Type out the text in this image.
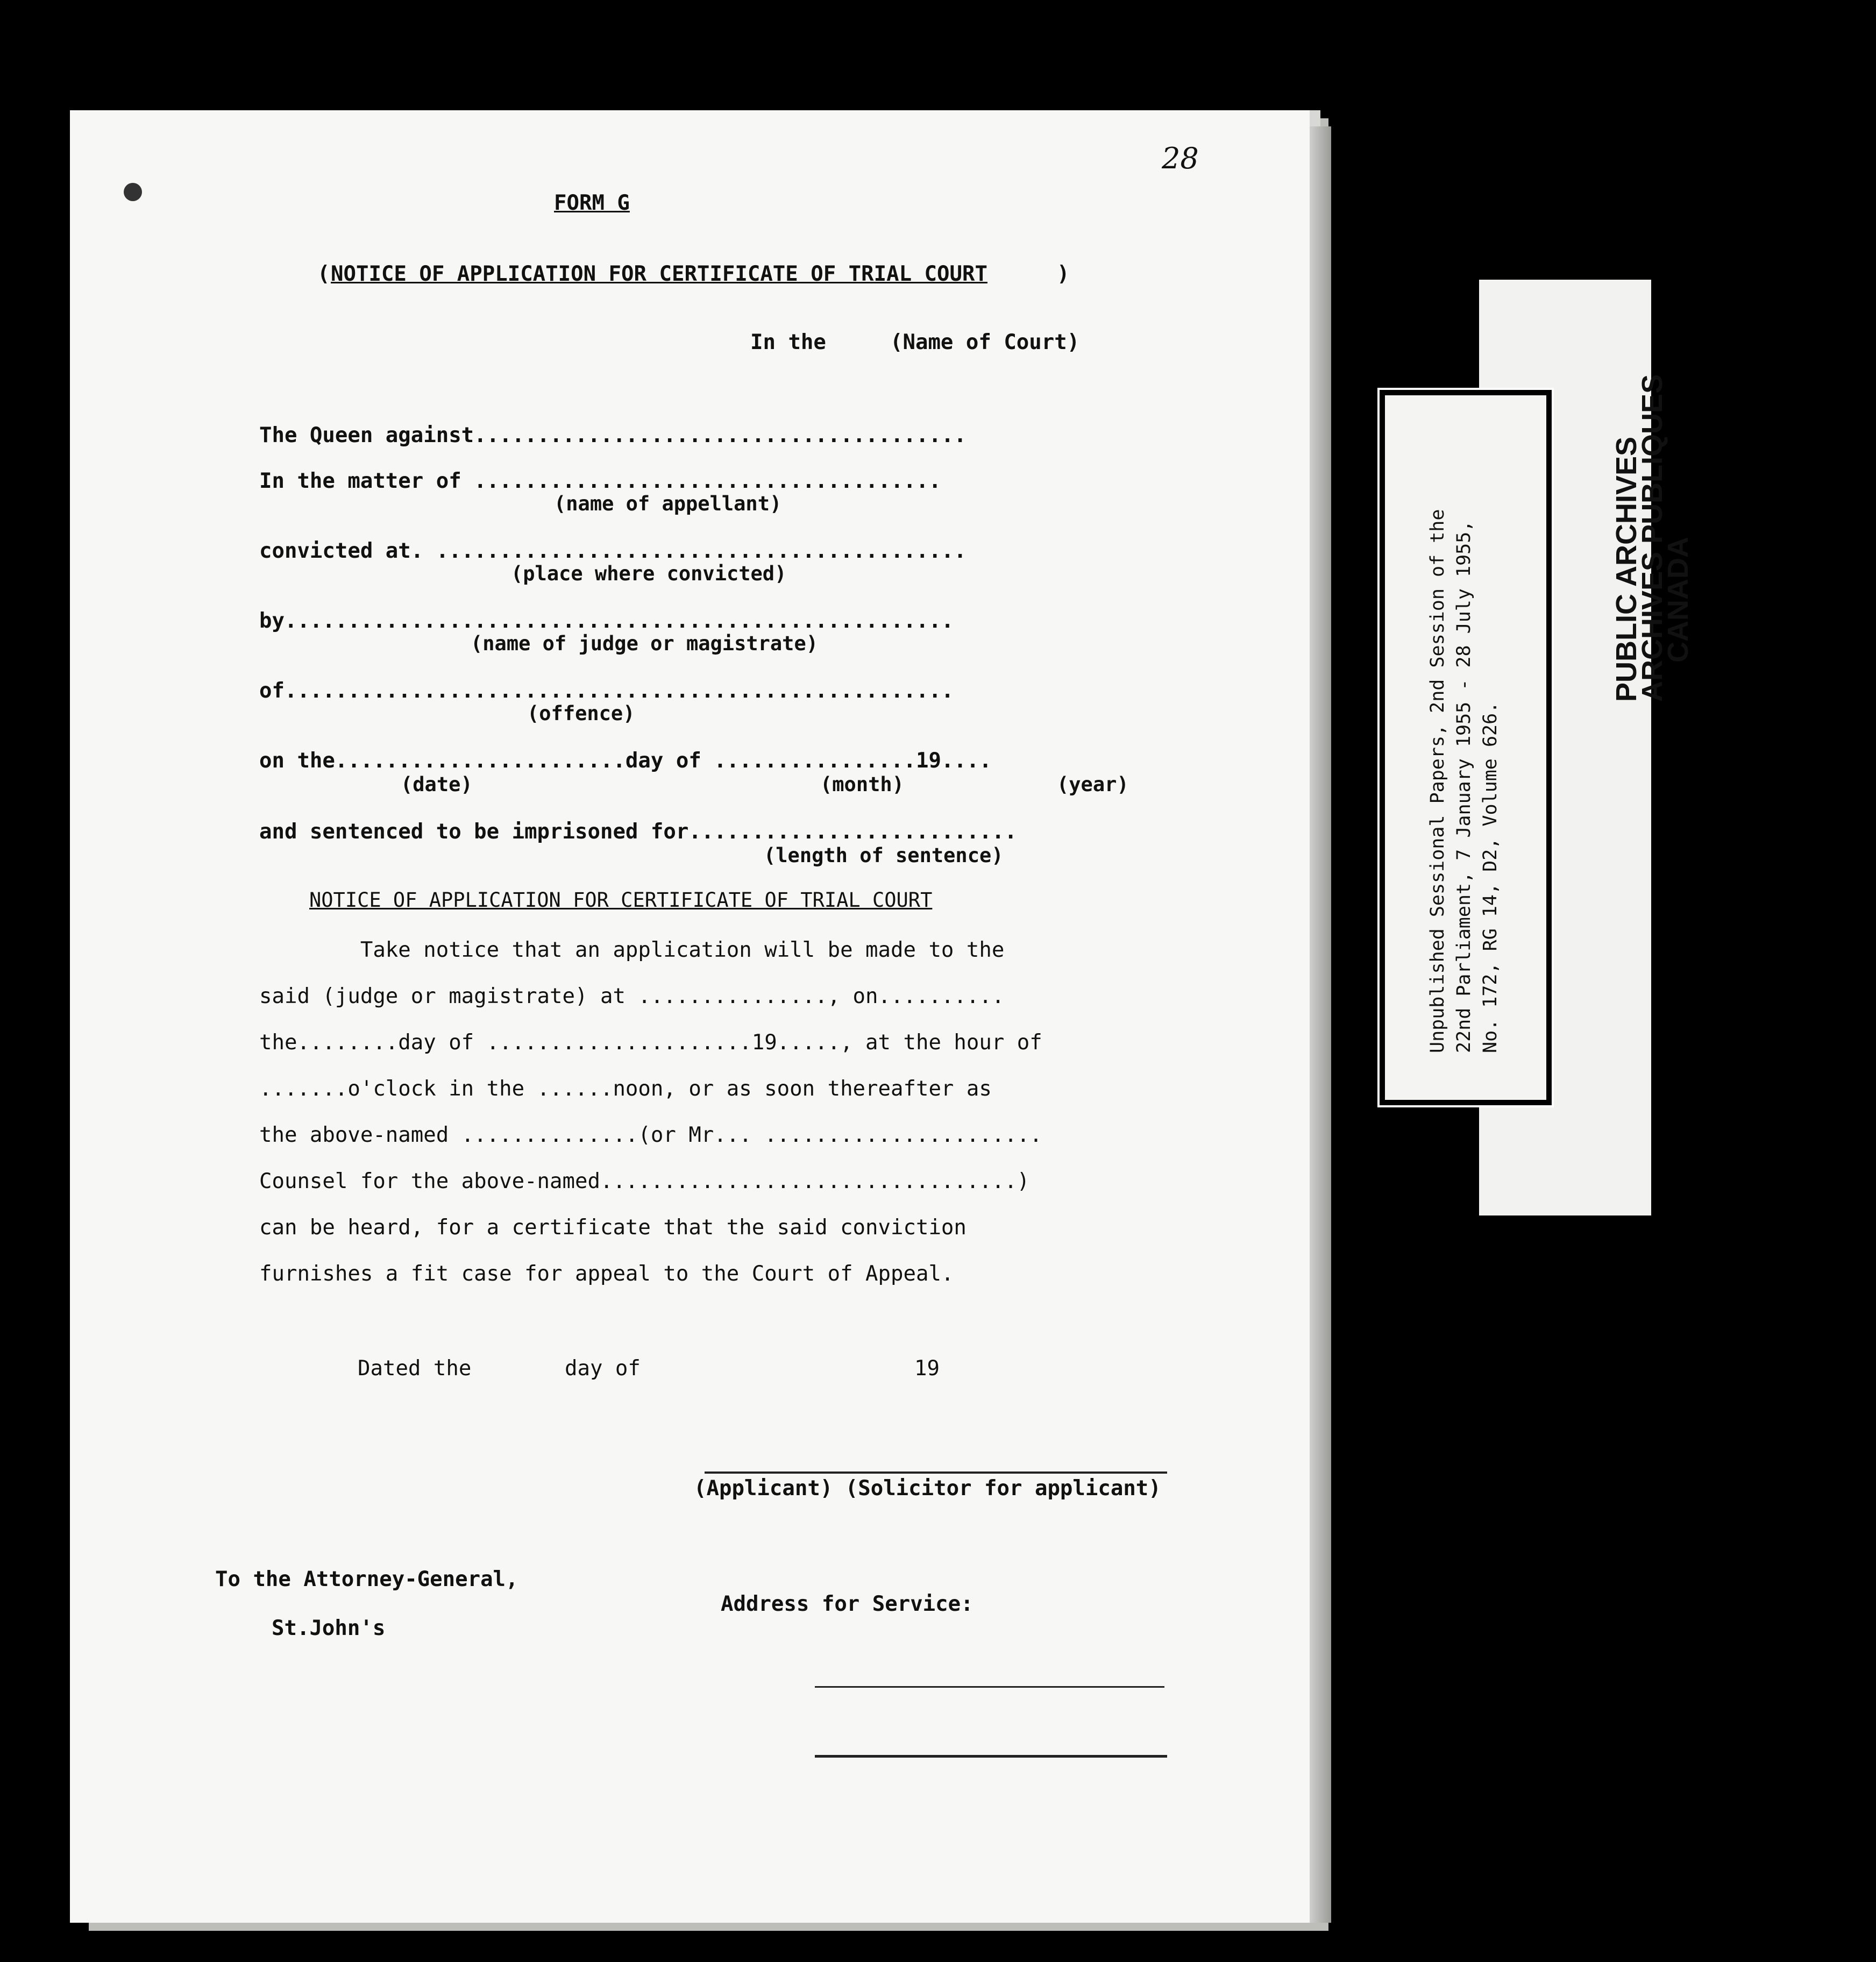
28
FORM G
( NOTICE OF APPLICATION FOR CERTIFICATE OF TRIAL COURT	)
In the	(Name of Court)
The Queen against.......................................
In the matter of .....................................
(name of appellant)
convicted at. ..........................................
(place where convicted)
by.....................................................
(name of judge or magistrate)
of.....................................................
(offence)
on the.......................day of ................19....
(date)	(month)	(year)
and sentenced to be imprisoned for..........................
(length of sentence)
NOTICE OF APPLICATION FOR CERTIFICATE OF TRIAL COURT
Take notice that an application will be made to the
said (judge or magistrate) at ..............., on..........
the........day of .....................19....., at the hour of
.......o'clock in the ......noon, or as soon thereafter as
the above-named ..............(or Mr... ......................
Counsel for the above-named.................................)
can be heard, for a certificate that the said conviction
furnishes a fit case for appeal to the Court of Appeal.
Dated the	day of	19
(Applicant) (Solicitor for applicant)
To the Attorney-General,
St.John's
Address for Service:
PUBLIC ARCHIVES
ARCHIVES PUBLIQUES
CANADA
Unpublished Sessional Papers, 2nd Session of the 22nd Parliament, 7 January 1955 - 28 July 1955, No. 172, RG 14, D2, Volume 626.
